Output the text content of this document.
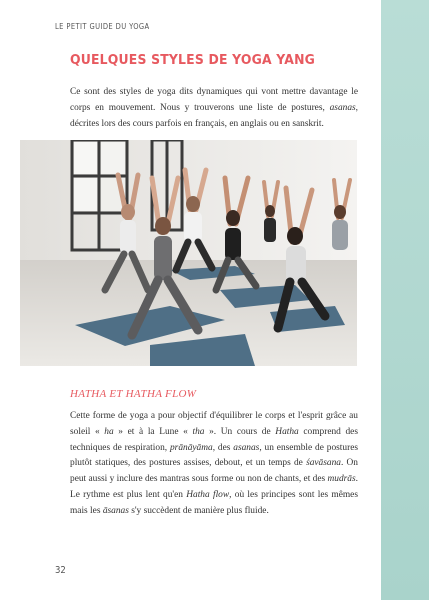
LE PETIT GUIDE DU YOGA
QUELQUES STYLES DE YOGA YANG

Ce sont des styles de yoga dits dynamiques qui vont mettre davantage le corps en mouvement. Nous y trouverons une liste de postures, asanas, décrites lors des cours parfois en français, en anglais ou en sanskrit.

HATHA ET HATHA FLOW

Cette forme de yoga a pour objectif d'équilibrer le corps et l'esprit grâce au soleil « ha » et à la Lune « tha ». Un cours de Hatha comprend des techniques de respiration, prānāyāma, des asanas, un ensemble de postures plutôt statiques, des postures assises, debout, et un temps de śavāsana. On peut aussi y inclure des mantras sous forme ou non de chants, et des mudrās. Le rythme est plus lent qu'en Hatha flow, où les principes sont les mêmes mais les āsanas s'y succèdent de manière plus fluide.

32
